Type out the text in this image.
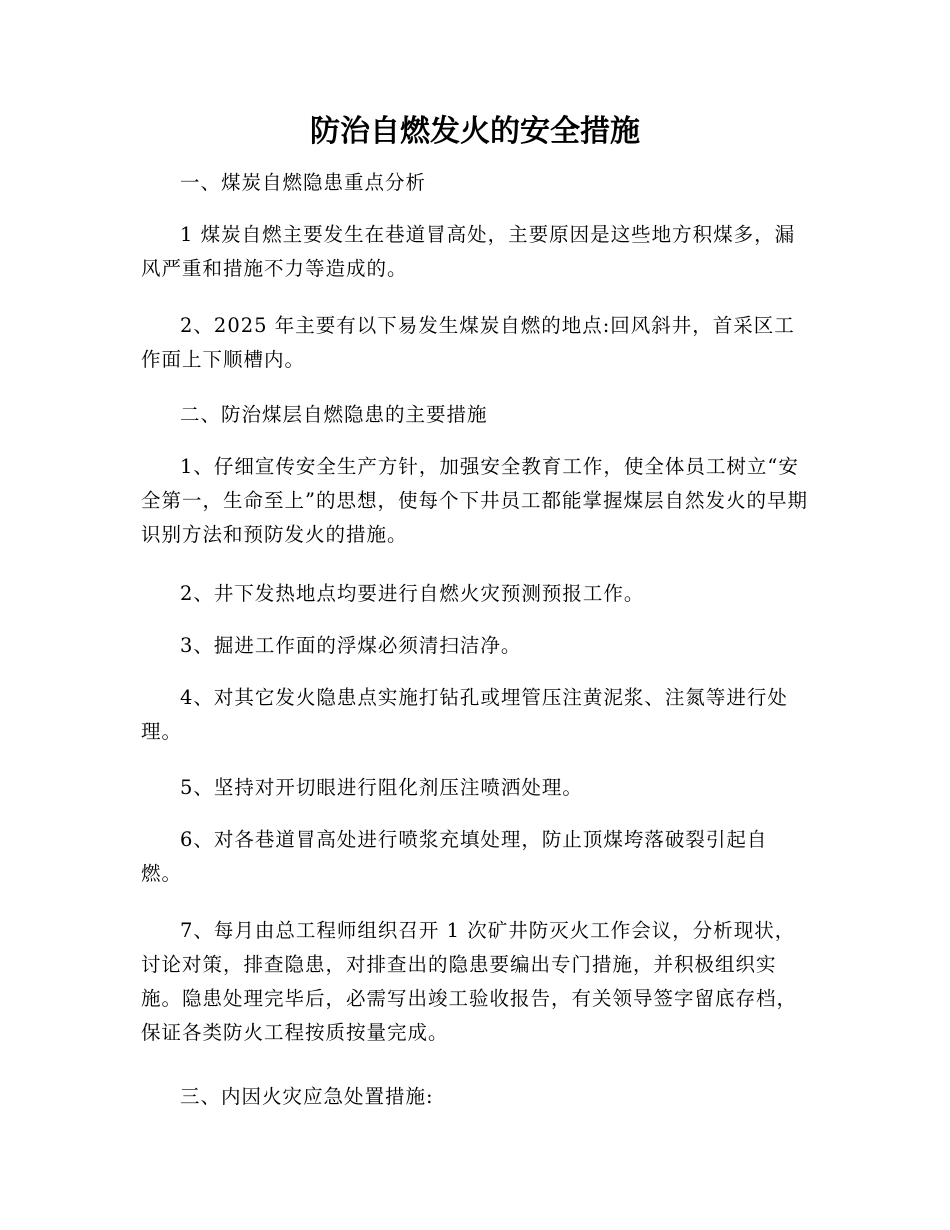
防治自燃发火的安全措施

一、煤炭自燃隐患重点分析

1 煤炭自燃主要发生在巷道冒高处，主要原因是这些地方积煤多，漏风严重和措施不力等造成的。

2、2025 年主要有以下易发生煤炭自燃的地点:回风斜井，首采区工作面上下顺槽内。

二、防治煤层自燃隐患的主要措施

1、仔细宣传安全生产方针，加强安全教育工作，使全体员工树立“安全第一，生命至上”的思想，使每个下井员工都能掌握煤层自然发火的早期识别方法和预防发火的措施。

2、井下发热地点均要进行自燃火灾预测预报工作。

3、掘进工作面的浮煤必须清扫洁净。

4、对其它发火隐患点实施打钻孔或埋管压注黄泥浆、注氮等进行处理。

5、坚持对开切眼进行阻化剂压注喷洒处理。

6、对各巷道冒高处进行喷浆充填处理，防止顶煤垮落破裂引起自燃。

7、每月由总工程师组织召开 1 次矿井防灭火工作会议，分析现状，讨论对策，排查隐患，对排查出的隐患要编出专门措施，并积极组织实施。隐患处理完毕后，必需写出竣工验收报告，有关领导签字留底存档，保证各类防火工程按质按量完成。

三、内因火灾应急处置措施:
